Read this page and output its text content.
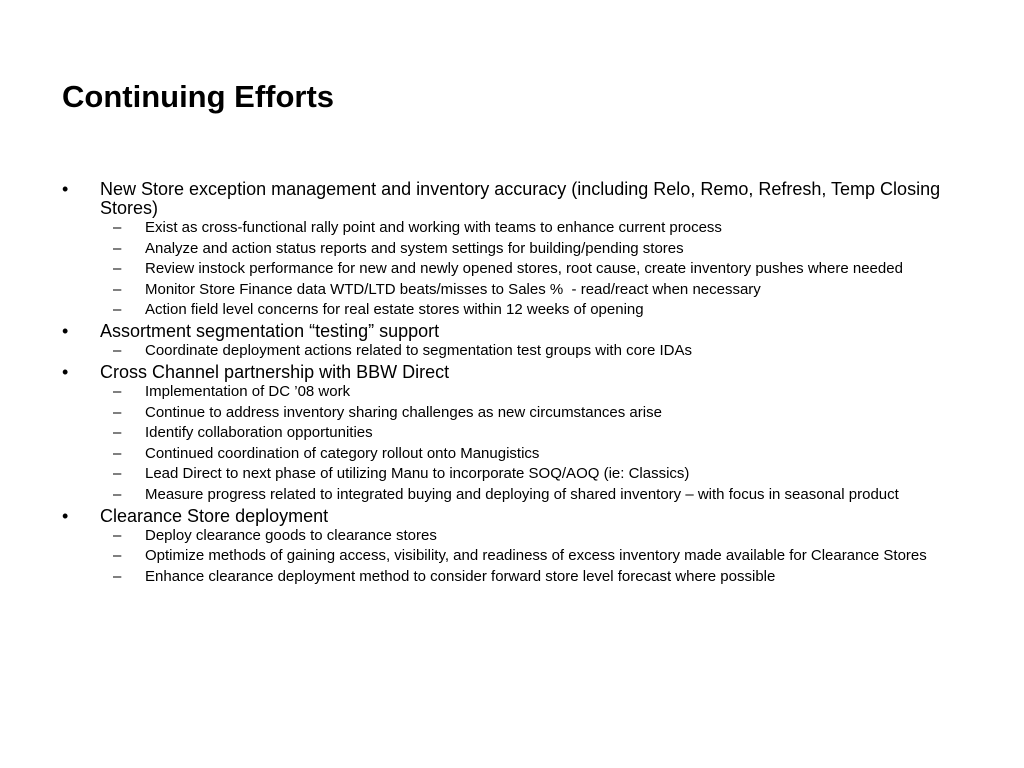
Continuing Efforts
•	New Store exception management and inventory accuracy (including Relo, Remo, Refresh, Temp Closing Stores)
–	Exist as cross-functional rally point and working with teams to enhance current process
–	Analyze and action status reports and system settings for building/pending stores
–	Review instock performance for new and newly opened stores, root cause, create inventory pushes where needed
–	Monitor Store Finance data WTD/LTD beats/misses to Sales %  - read/react when necessary
–	Action field level concerns for real estate stores within 12 weeks of opening
•	Assortment segmentation “testing” support
–	Coordinate deployment actions related to segmentation test groups with core IDAs
•	Cross Channel partnership with BBW Direct
–	Implementation of DC ’08 work
–	Continue to address inventory sharing challenges as new circumstances arise
–	Identify collaboration opportunities
–	Continued coordination of category rollout onto Manugistics
–	Lead Direct to next phase of utilizing Manu to incorporate SOQ/AOQ (ie: Classics)
–	Measure progress related to integrated buying and deploying of shared inventory – with focus in seasonal product
•	Clearance Store deployment
–	Deploy clearance goods to clearance stores
–	Optimize methods of gaining access, visibility, and readiness of excess inventory made available for Clearance Stores
–	Enhance clearance deployment method to consider forward store level forecast where possible
